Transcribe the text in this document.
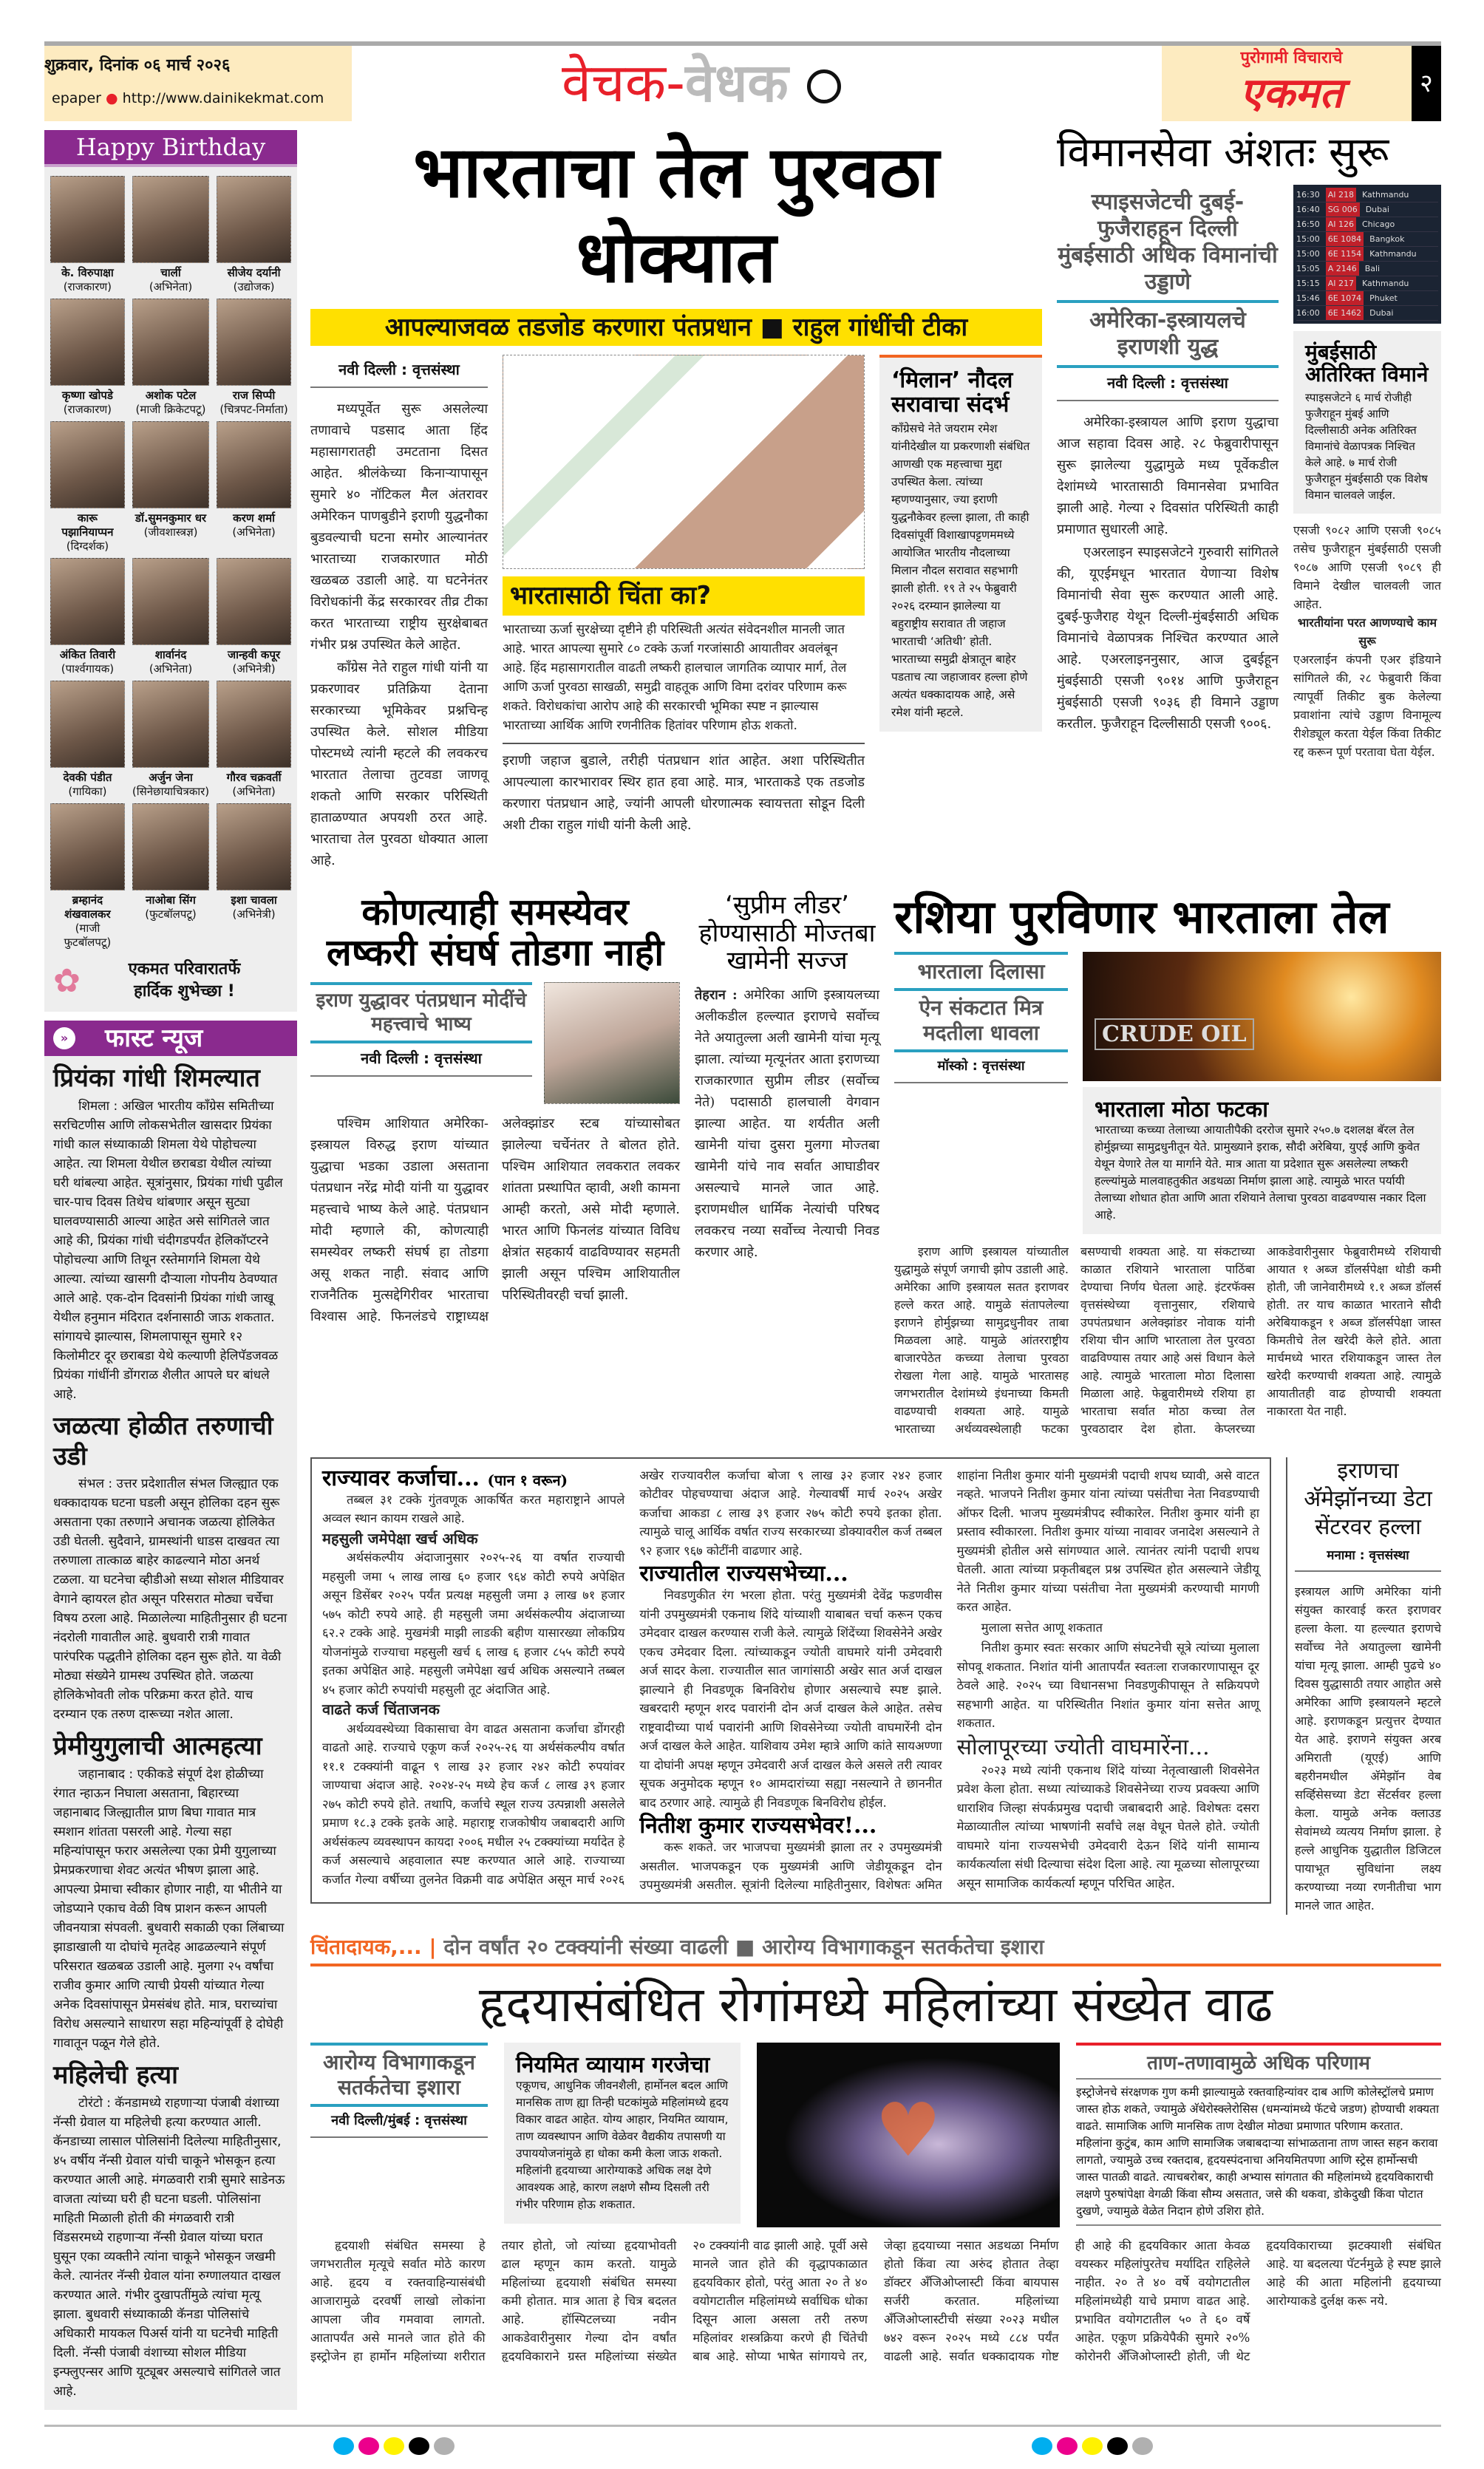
शुक्रवार, दिनांक ०६ मार्च २०२६
epaper ● http://www.dainikekmat.com	वेचक-वेधक	पुरोगामी विचाराचे
एकमत	२
Happy Birthday
के. विरुपाक्षा
(राजकारण)
चार्ली
(अभिनेता)
सीजेय दर्यानी
(उद्योजक)
कृष्णा खोपडे
(राजकारण)
अशोक पटेल
(माजी क्रिकेटपटू)
राज सिप्पी
(चित्रपट-निर्माता)
कारू पझानियाप्पन
(दिग्दर्शक)
डॉ.सुमनकुमार धर
(जीवशास्त्रज्ञ)
करण शर्मा
(अभिनेता)
अंकित तिवारी
(पार्श्वगायक)
शार्वानंद
(अभिनेता)
जान्हवी कपूर
(अभिनेत्री)
देवकी पंडीत
(गायिका)
अर्जुन जेना
(सिनेछायाचित्रकार)
गौरव चक्रवर्ती
(अभिनेता)
ब्रम्हानंद शंखवालकर
(माजी फुटबॉलपटू)
नाओबा सिंग
(फुटबॉलपटू)
इशा चावला
(अभिनेत्री)
✿	एकमत परिवारातर्फे
हार्दिक शुभेच्छा !
» फास्ट न्यूज
प्रियंका गांधी शिमल्यात

शिमला : अखिल भारतीय काँग्रेस समितीच्या सरचिटणीस आणि लोकसभेतील खासदार प्रियंका गांधी काल संध्याकाळी शिमला येथे पोहोचल्या आहेत. त्या शिमला येथील छराबडा येथील त्यांच्या घरी थांबल्या आहेत. सूत्रांनुसार, प्रियंका गांधी पुढील चार-पाच दिवस तिथेच थांबणार असून सुट्या घालवण्यासाठी आल्या आहेत असे सांगितले जात आहे की, प्रियंका गांधी चंदीगडपर्यंत हेलिकॉप्टरने पोहोचल्या आणि तिथून रस्तेमार्गाने शिमला येथे आल्या. त्यांच्या खासगी दौऱ्याला गोपनीय ठेवण्यात आले आहे. एक-दोन दिवसांनी प्रियंका गांधी जाखू येथील हनुमान मंदिरात दर्शनासाठी जाऊ शकतात. सांगायचे झाल्यास, शिमलापासून सुमारे १२ किलोमीटर दूर छराबडा येथे कल्याणी हेलिपॅडजवळ प्रियंका गांधींनी डोंगराळ शैलीत आपले घर बांधले आहे.

जळत्या होळीत तरुणाची उडी

संभल : उत्तर प्रदेशातील संभल जिल्ह्यात एक धक्कादायक घटना घडली असून होलिका दहन सुरू असताना एका तरुणाने अचानक जळत्या होलिकेत उडी घेतली. सुदैवाने, ग्रामस्थांनी धाडस दाखवत त्या तरुणाला तात्काळ बाहेर काढल्याने मोठा अनर्थ टळला. या घटनेचा व्हीडीओ सध्या सोशल मीडियावर वेगाने व्हायरल होत असून परिसरात मोठ्या चर्चेचा विषय ठरला आहे. मिळालेल्या माहितीनुसार ही घटना नंदरोली गावातील आहे. बुधवारी रात्री गावात पारंपरिक पद्धतीने होलिका दहन सुरू होते. या वेळी मोठ्या संख्येने ग्रामस्थ उपस्थित होते. जळत्या होलिकेभोवती लोक परिक्रमा करत होते. याच दरम्यान एक तरुण दारूच्या नशेत आला.

प्रेमीयुगुलाची आत्महत्या

जहानाबाद : एकीकडे संपूर्ण देश होळीच्या रंगात न्हाऊन निघाला असताना, बिहारच्या जहानाबाद जिल्ह्यातील प्राण बिघा गावात मात्र स्मशान शांतता पसरली आहे. गेल्या सहा महिन्यांपासून फरार असलेल्या एका प्रेमी युगुलाच्या प्रेमप्रकरणाचा शेवट अत्यंत भीषण झाला आहे. आपल्या प्रेमाचा स्वीकार होणार नाही, या भीतीने या जोडप्याने एकाच वेळी विष प्राशन करून आपली जीवनयात्रा संपवली. बुधवारी सकाळी एका लिंबाच्या झाडाखाली या दोघांचे मृतदेह आढळल्याने संपूर्ण परिसरात खळबळ उडाली आहे. मुलगा २५ वर्षांचा राजीव कुमार आणि त्याची प्रेयसी यांच्यात गेल्या अनेक दिवसांपासून प्रेमसंबंध होते. मात्र, घराच्यांचा विरोध असल्याने साधारण सहा महिन्यांपूर्वी हे दोघेही गावातून पळून गेले होते.

महिलेची हत्या

टोरंटो : कॅनडामध्ये राहणाऱ्या पंजाबी वंशाच्या नॅन्सी ग्रेवाल या महिलेची हत्या करण्यात आली. कॅनडाच्या लासाल पोलिसांनी दिलेल्या माहितीनुसार, ४५ वर्षीय नॅन्सी ग्रेवाल यांची चाकूने भोसकून हत्या करण्यात आली आहे. मंगळवारी रात्री सुमारे साडेनऊ वाजता त्यांच्या घरी ही घटना घडली. पोलिसांना माहिती मिळाली होती की मंगळवारी रात्री विंडसरमध्ये राहणाऱ्या नॅन्सी ग्रेवाल यांच्या घरात घुसून एका व्यक्तीने त्यांना चाकूने भोसकून जखमी केले. त्यानंतर नॅन्सी ग्रेवाल यांना रुग्णालयात दाखल करण्यात आले. गंभीर दुखापतींमुळे त्यांचा मृत्यू झाला. बुधवारी संध्याकाळी कॅनडा पोलिसांचे अधिकारी मायकल पिअर्स यांनी या घटनेची माहिती दिली. नॅन्सी पंजाबी वंशाच्या सोशल मीडिया इन्फ्लुएन्सर आणि यूट्यूबर असल्याचे सांगितले जात आहे.

भारताचा तेल पुरवठा धोक्यात
आपल्याजवळ तडजोड करणारा पंतप्रधान ■ राहुल गांधींची टीका
नवी दिल्ली : वृत्तसंस्था

मध्यपूर्वेत सुरू असलेल्या तणावाचे पडसाद आता हिंद महासागरातही उमटताना दिसत आहेत. श्रीलंकेच्या किनाऱ्यापासून सुमारे ४० नॉटिकल मैल अंतरावर अमेरिकन पाणबुडीने इराणी युद्धनौका बुडवल्याची घटना समोर आल्यानंतर भारताच्या राजकारणात मोठी खळबळ उडाली आहे. या घटनेनंतर विरोधकांनी केंद्र सरकारवर तीव्र टीका करत भारताच्या राष्ट्रीय सुरक्षेबाबत गंभीर प्रश्न उपस्थित केले आहेत.

काँग्रेस नेते राहुल गांधी यांनी या प्रकरणावर प्रतिक्रिया देताना सरकारच्या भूमिकेवर प्रश्नचिन्ह उपस्थित केले. सोशल मीडिया पोस्टमध्ये त्यांनी म्हटले की लवकरच भारतात तेलाचा तुटवडा जाणवू शकतो आणि सरकार परिस्थिती हाताळण्यात अपयशी ठरत आहे. भारताचा तेल पुरवठा धोक्यात आला आहे.

भारतासाठी चिंता का?
भारताच्या ऊर्जा सुरक्षेच्या दृष्टीने ही परिस्थिती अत्यंत संवेदनशील मानली जात आहे. भारत आपल्या सुमारे ८० टक्के ऊर्जा गरजांसाठी आयातीवर अवलंबून आहे. हिंद महासागरातील वाढती लष्करी हालचाल जागतिक व्यापार मार्ग, तेल आणि ऊर्जा पुरवठा साखळी, समुद्री वाहतूक आणि विमा दरांवर परिणाम करू शकते. विरोधकांचा आरोप आहे की सरकारची भूमिका स्पष्ट न झाल्यास भारताच्या आर्थिक आणि रणनीतिक हितांवर परिणाम होऊ शकतो.
इराणी जहाज बुडाले, तरीही पंतप्रधान शांत आहेत. अशा परिस्थितीत आपल्याला कारभारावर स्थिर हात हवा आहे. मात्र, भारताकडे एक तडजोड करणारा पंतप्रधान आहे, ज्यांनी आपली धोरणात्मक स्वायत्तता सोडून दिली अशी टीका राहुल गांधी यांनी केली आहे.
‘मिलान’ नौदल सरावाचा संदर्भ
काँग्रेसचे नेते जयराम रमेश यांनीदेखील या प्रकरणाशी संबंधित आणखी एक महत्त्वाचा मुद्दा उपस्थित केला. त्यांच्या म्हणण्यानुसार, ज्या इराणी युद्धनौकेवर हल्ला झाला, ती काही दिवसांपूर्वी विशाखापट्टणममध्ये आयोजित भारतीय नौदलाच्या मिलान नौदल सरावात सहभागी झाली होती. १९ ते २५ फेब्रुवारी २०२६ दरम्यान झालेल्या या बहुराष्ट्रीय सरावात ती जहाज भारताची ‘अतिथी’ होती. भारताच्या समुद्री क्षेत्रातून बाहेर पडताच त्या जहाजावर हल्ला होणे अत्यंत धक्कादायक आहे, असे रमेश यांनी म्हटले.
विमानसेवा अंशतः सुरू
स्पाइसजेटची दुबई-फुजैराहहून दिल्ली मुंबईसाठी अधिक विमानांची उड्डाणे
अमेरिका-इस्त्रायलचे इराणशी युद्ध
नवी दिल्ली : वृत्तसंस्था

अमेरिका-इस्त्रायल आणि इराण युद्धाचा आज सहावा दिवस आहे. २८ फेब्रुवारीपासून सुरू झालेल्या युद्धामुळे मध्य पूर्वेकडील देशांमध्ये भारतासाठी विमानसेवा प्रभावित झाली आहे. गेल्या २ दिवसांत परिस्थिती काही प्रमाणात सुधारली आहे.

एअरलाइन स्पाइसजेटने गुरुवारी सांगितले की, यूएईमधून भारतात येणाऱ्या विशेष विमानांची सेवा सुरू करण्यात आली आहे. दुबई-फुजैराह येथून दिल्ली-मुंबईसाठी अधिक विमानांचे वेळापत्रक निश्चित करण्यात आले आहे. एअरलाइननुसार, आज दुबईहून मुंबईसाठी एसजी ९०१४ आणि फुजैराहून मुंबईसाठी एसजी ९०३६ ही विमाने उड्डाण करतील. फुजैराहून दिल्लीसाठी एसजी ९००६.

16:30 AI 218 Kathmandu
16:40 SG 006 Dubai
16:50 AI 126 Chicago
15:00 6E 1084 Bangkok
15:00 6E 1154 Kathmandu
15:05 A 2146 Bali
15:15 AI 217 Kathmandu
15:46 6E 1074 Phuket
16:00 6E 1462 Dubai
मुंबईसाठी अतिरिक्त विमाने
स्पाइसजेटने ६ मार्च रोजीही फुजैराहून मुंबई आणि दिल्लीसाठी अनेक अतिरिक्त विमानांचे वेळापत्रक निश्चित केले आहे. ७ मार्च रोजी फुजैराहून मुंबईसाठी एक विशेष विमान चालवले जाईल.
एसजी ९०८२ आणि एसजी ९०८५ तसेच फुजैराहून मुंबईसाठी एसजी ९०८७ आणि एसजी ९०८९ ही विमाने देखील चालवली जात आहेत.
भारतीयांना परत आणण्याचे काम सुरू
एअरलाईन कंपनी एअर इंडियाने सांगितले की, २८ फेब्रुवारी किंवा त्यापूर्वी तिकीट बुक केलेल्या प्रवाशांना त्यांचे उड्डाण विनामूल्य रीशेड्यूल करता येईल किंवा तिकीट रद्द करून पूर्ण परतावा घेता येईल.
कोणत्याही समस्येवर लष्करी संघर्ष तोडगा नाही
इराण युद्धावर पंतप्रधान मोदींचे महत्त्वाचे भाष्य
नवी दिल्ली : वृत्तसंस्था
पश्चिम आशियात अमेरिका-इस्त्रायल विरुद्ध इराण यांच्यात युद्धाचा भडका उडाला असताना पंतप्रधान नरेंद्र मोदी यांनी या युद्धावर महत्त्वाचे भाष्य केले आहे. पंतप्रधान मोदी म्हणाले की, कोणत्याही समस्येवर लष्करी संघर्ष हा तोडगा असू शकत नाही. संवाद आणि राजनैतिक मुत्सद्देगिरीवर भारताचा विश्वास आहे. फिनलंडचे राष्ट्राध्यक्ष अलेक्झांडर स्टब यांच्यासोबत झालेल्या चर्चेनंतर ते बोलत होते. पश्चिम आशियात लवकरात लवकर शांतता प्रस्थापित व्हावी, अशी कामना आम्ही करतो, असे मोदी म्हणाले. भारत आणि फिनलंड यांच्यात विविध क्षेत्रांत सहकार्य वाढविण्यावर सहमती झाली असून पश्चिम आशियातील परिस्थितीवरही चर्चा झाली.
‘सुप्रीम लीडर’ होण्यासाठी मोज्तबा खामेनी सज्ज
तेहरान : अमेरिका आणि इस्त्रायलच्या अलीकडील हल्ल्यात इराणचे सर्वोच्च नेते अयातुल्ला अली खामेनी यांचा मृत्यू झाला. त्यांच्या मृत्यूनंतर आता इराणच्या राजकारणात सुप्रीम लीडर (सर्वोच्च नेते) पदासाठी हालचाली वेगवान झाल्या आहेत. या शर्यतीत अली खामेनी यांचा दुसरा मुलगा मोज्तबा खामेनी यांचे नाव सर्वात आघाडीवर असल्याचे मानले जात आहे. इराणमधील धार्मिक नेत्यांची परिषद लवकरच नव्या सर्वोच्च नेत्याची निवड करणार आहे.
रशिया पुरविणार भारताला तेल
भारताला दिलासा
ऐन संकटात मित्र मदतीला धावला
मॉस्को : वृत्तसंस्था
CRUDE OIL
भारताला मोठा फटका
भारताच्या कच्च्या तेलाच्या आयातीपैकी दररोज सुमारे २५०.७ दशलक्ष बॅरल तेल होर्मुझच्या सामुद्रधुनीतून येते. प्रामुख्याने इराक, सौदी अरेबिया, युएई आणि कुवेत येथून येणारे तेल या मार्गाने येते. मात्र आता या प्रदेशात सुरू असलेल्या लष्करी हल्ल्यांमुळे मालवाहतुकीत अडथळा निर्माण झाला आहे. त्यामुळे भारत पर्यायी तेलाच्या शोधात होता आणि आता रशियाने तेलाचा पुरवठा वाढवण्यास नकार दिला आहे.
इराण आणि इस्त्रायल यांच्यातील युद्धामुळे संपूर्ण जगाची झोप उडाली आहे. अमेरिका आणि इस्त्रायल सतत इराणवर हल्ले करत आहे. यामुळे संतापलेल्या इराणने होर्मुझच्या सामुद्रधुनीवर ताबा मिळवला आहे. यामुळे आंतरराष्ट्रीय बाजारपेठेत कच्च्या तेलाचा पुरवठा रोखला गेला आहे. यामुळे भारतासह जगभरातील देशांमध्ये इंधनाच्या किमती वाढण्याची शक्यता आहे. यामुळे भारताच्या अर्थव्यवस्थेलाही फटका बसण्याची शक्यता आहे. या संकटाच्या काळात रशियाने भारताला पाठिंबा देण्याचा निर्णय घेतला आहे. इंटरफॅक्स वृत्तसंस्थेच्या वृत्तानुसार, रशियाचे उपपंतप्रधान अलेक्झांडर नोवाक यांनी रशिया चीन आणि भारताला तेल पुरवठा वाढविण्यास तयार आहे असं विधान केले आहे. त्यामुळे भारताला मोठा दिलासा मिळाला आहे. फेब्रुवारीमध्ये रशिया हा भारताचा सर्वात मोठा कच्चा तेल पुरवठादार देश होता. केप्लरच्या आकडेवारीनुसार फेब्रुवारीमध्ये रशियाची आयात १ अब्ज डॉलर्सपेक्षा थोडी कमी होती, जी जानेवारीमध्ये १.१ अब्ज डॉलर्स होती. तर याच काळात भारताने सौदी अरेबियाकडून १ अब्ज डॉलर्सपेक्षा जास्त किमतीचे तेल खरेदी केले होते. आता मार्चमध्ये भारत रशियाकडून जास्त तेल खरेदी करण्याची शक्यता आहे. त्यामुळे आयातीतही वाढ होण्याची शक्यता नाकारता येत नाही.
राज्यावर कर्जाचा... (पान १ वरून)

तब्बल ३१ टक्के गुंतवणूक आकर्षित करत महाराष्ट्राने आपले अव्वल स्थान कायम राखले आहे.

महसुली जमेपेक्षा खर्च अधिक

अर्थसंकल्पीय अंदाजानुसार २०२५-२६ या वर्षात राज्याची महसुली जमा ५ लाख लाख ६० हजार ९६४ कोटी रुपये अपेक्षित असून डिसेंबर २०२५ पर्यंत प्रत्यक्ष महसुली जमा ३ लाख ७१ हजार ५७५ कोटी रुपये आहे. ही महसुली जमा अर्थसंकल्पीय अंदाजाच्या ६२.२ टक्के आहे. मुखमंत्री माझी लाडकी बहीण यासारख्या लोकप्रिय योजनांमुळे राज्याचा महसुली खर्च ६ लाख ६ हजार ८५५ कोटी रुपये इतका अपेक्षित आहे. महसुली जमेपेक्षा खर्च अधिक असल्याने तब्बल ४५ हजार कोटी रुपयांची महसुली तूट अंदाजित आहे.

वाढते कर्ज चिंताजनक

अर्थव्यवस्थेच्या विकासाचा वेग वाढत असताना कर्जाचा डोंगरही वाढतो आहे. राज्याचे एकूण कर्ज २०२५-२६ या अर्थसंकल्पीय वर्षात ११.१ टक्क्यांनी वाढून ९ लाख ३२ हजार २४२ कोटी रुपयांवर जाण्याचा अंदाज आहे. २०२४-२५ मध्ये हेच कर्ज ८ लाख ३९ हजार २७५ कोटी रुपये होते. तथापि, कर्जाचे स्थूल राज्य उत्पन्नाशी असलेले प्रमाण १८.३ टक्के इतके आहे. महाराष्ट्र राजकोषीय जबाबदारी आणि अर्थसंकल्प व्यवस्थापन कायदा २००६ मधील २५ टक्क्यांच्या मर्यादेत हे कर्ज असल्याचे अहवालात स्पष्ट करण्यात आले आहे. राज्याच्या कर्जात गेल्या वर्षीच्या तुलनेत विक्रमी वाढ अपेक्षित असून मार्च २०२६ अखेर राज्यावरील कर्जाचा बोजा ९ लाख ३२ हजार २४२ हजार कोटीवर पोहचण्याचा अंदाज आहे. गेल्यावर्षी मार्च २०२५ अखेर कर्जाचा आकडा ८ लाख ३९ हजार २७५ कोटी रुपये इतका होता. त्यामुळे चालू आर्थिक वर्षात राज्य सरकारच्या डोक्यावरील कर्ज तब्बल ९२ हजार ९६७ कोटींनी वाढणार आहे.

राज्यातील राज्यसभेच्या...

निवडणुकीत रंग भरला होता. परंतु मुख्यमंत्री देवेंद्र फडणवीस यांनी उपमुख्यमंत्री एकनाथ शिंदे यांच्याशी याबाबत चर्चा करून एकच उमेदवार दाखल करण्यास राजी केले. त्यामुळे शिंदेंच्या शिवसेनेने अखेर एकच उमेदवार दिला. त्यांच्याकडून ज्योती वाघमारे यांनी उमेदवारी अर्ज सादर केला. राज्यातील सात जागांसाठी अखेर सात अर्ज दाखल झाल्याने ही निवडणूक बिनविरोध होणार असल्याचे स्पष्ट झाले. खबरदारी म्हणून शरद पवारांनी दोन अर्ज दाखल केले आहेत. तसेच राष्ट्रवादीच्या पार्थ पवारांनी आणि शिवसेनेच्या ज्योती वाघमारेंनी दोन अर्ज दाखल केले आहेत. याशिवाय उमेश म्हात्रे आणि कांते सायअण्णा या दोघांनी अपक्ष म्हणून उमेदवारी अर्ज दाखल केले असले तरी त्यावर सूचक अनुमोदक म्हणून १० आमदारांच्या सह्या नसल्याने ते छाननीत बाद ठरणार आहे. त्यामुळे ही निवडणूक बिनविरोध होईल.

नितीश कुमार राज्यसभेवर!...

करू शकते. जर भाजपचा मुख्यमंत्री झाला तर २ उपमुख्यमंत्री असतील. भाजपकडून एक मुख्यमंत्री आणि जेडीयूकडून दोन उपमुख्यमंत्री असतील. सूत्रांनी दिलेल्या माहितीनुसार, विशेषतः अमित शाहांना नितीश कुमार यांनी मुख्यमंत्री पदाची शपथ घ्यावी, असे वाटत नव्हते. भाजपने नितीश कुमार यांना त्यांच्या पसंतीचा नेता निवडण्याची ऑफर दिली. भाजप मुख्यमंत्रीपद स्वीकारेल. नितीश कुमार यांनी हा प्रस्ताव स्वीकारला. नितीश कुमार यांच्या नावावर जनादेश असल्याने ते मुख्यमंत्री होतील असे सांगण्यात आले. त्यानंतर त्यांनी पदाची शपथ घेतली. आता त्यांच्या प्रकृतीबद्दल प्रश्न उपस्थित होत असल्याने जेडीयू नेते नितीश कुमार यांच्या पसंतीचा नेता मुख्यमंत्री करण्याची मागणी करत आहेत.

मुलाला सत्तेत आणू शकतात

नितीश कुमार स्वतः सरकार आणि संघटनेची सूत्रे त्यांच्या मुलाला सोपवू शकतात. निशांत यांनी आतापर्यंत स्वतःला राजकारणापासून दूर ठेवले आहे. २०२५ च्या विधानसभा निवडणुकीपासून ते सक्रियपणे सहभागी आहेत. या परिस्थितीत निशांत कुमार यांना सत्तेत आणू शकतात.

सोलापूरच्या ज्योती वाघमारेंना...

२०२३ मध्ये त्यांनी एकनाथ शिंदे यांच्या नेतृत्वाखाली शिवसेनेत प्रवेश केला होता. सध्या त्यांच्याकडे शिवसेनेच्या राज्य प्रवक्त्या आणि धाराशिव जिल्हा संपर्कप्रमुख पदाची जबाबदारी आहे. विशेषतः दसरा मेळाव्यातील त्यांच्या भाषणांनी सर्वांचे लक्ष वेधून घेतले होते. ज्योती वाघमारे यांना राज्यसभेची उमेदवारी देऊन शिंदे यांनी सामान्य कार्यकर्त्याला संधी दिल्याचा संदेश दिला आहे. त्या मूळच्या सोलापूरच्या असून सामाजिक कार्यकर्त्या म्हणून परिचित आहेत.

इराणचा अ‍ॅमेझॉनच्या डेटा सेंटरवर हल्ला
मनामा : वृत्तसंस्था
इस्त्रायल आणि अमेरिका यांनी संयुक्त कारवाई करत इराणवर हल्ला केला. या हल्ल्यात इराणचे सर्वोच्च नेते अयातुल्ला खामेनी यांचा मृत्यू झाला. आम्ही पुढचे ४० दिवस युद्धासाठी तयार आहोत असे अमेरिका आणि इस्त्रायलने म्हटले आहे. इराणकडून प्रत्युत्तर देण्यात येत आहे. इराणने संयुक्त अरब अमिराती (यूएई) आणि बहरीनमधील अ‍ॅमेझॉन वेब सर्व्हिसेसच्या डेटा सेंटर्सवर हल्ला केला. यामुळे अनेक क्लाउड सेवांमध्ये व्यत्यय निर्माण झाला. हे हल्ले आधुनिक युद्धातील डिजिटल पायाभूत सुविधांना लक्ष्य करण्याच्या नव्या रणनीतीचा भाग मानले जात आहेत.
चिंतादायक,... | दोन वर्षांत २० टक्क्यांनी संख्या वाढली ■ आरोग्य विभागाकडून सतर्कतेचा इशारा
हृदयासंबंधित रोगांमध्ये महिलांच्या संख्येत वाढ
आरोग्य विभागाकडून सतर्कतेचा इशारा
नवी दिल्ली/मुंबई : वृत्तसंस्था
नियमित व्यायाम गरजेचा
एकूणच, आधुनिक जीवनशैली, हार्मोनल बदल आणि मानसिक ताण ह्या तिन्ही घटकांमुळे महिलांमध्ये हृदय विकार वाढत आहेत. योग्य आहार, नियमित व्यायाम, ताण व्यवस्थापन आणि वेळेवर वैद्यकीय तपासणी या उपाययोजनांमुळे हा धोका कमी केला जाऊ शकतो. महिलांनी हृदयाच्या आरोग्याकडे अधिक लक्ष देणे आवश्यक आहे, कारण लक्षणे सौम्य दिसली तरी गंभीर परिणाम होऊ शकतात.
♥
ताण-तणावामुळे अधिक परिणाम
इस्ट्रोजेनचे संरक्षणक गुण कमी झाल्यामुळे रक्तवाहिन्यांवर दाब आणि कोलेस्ट्रॉलचे प्रमाण जास्त होऊ शकते, ज्यामुळे अ‍ॅथेरोस्क्लेरोसिस (धमन्यांमध्ये फॅटचे जडण) होण्याची शक्यता वाढते. सामाजिक आणि मानसिक ताण देखील मोठ्या प्रमाणात परिणाम करतात. महिलांना कुटुंब, काम आणि सामाजिक जबाबदाऱ्या सांभाळताना ताण जास्त सहन करावा लागतो, ज्यामुळे उच्च रक्तदाब, हृदयस्पंदनाचा अनियमितपणा आणि स्ट्रेस हार्मोन्सची जास्त पातळी वाढते. त्याचबरोबर, काही अभ्यास सांगतात की महिलांमध्ये हृदयविकाराची लक्षणे पुरुषांपेक्षा वेगळी किंवा सौम्य असतात, जसे की थकवा, डोकेदुखी किंवा पोटात दुखणे, ज्यामुळे वेळेत निदान होणे उशिरा होते.
हृदयाशी संबंधित समस्या हे जगभरातील मृत्यूचे सर्वात मोठे कारण आहे. हृदय व रक्तवाहिन्यासंबंधी आजारामुळे दरवर्षी लाखो लोकांना आपला जीव गमवावा लागतो. आतापर्यंत असे मानले जात होते की इस्ट्रोजेन हा हार्मोन महिलांच्या शरीरात तयार होतो, जो त्यांच्या हृदयाभोवती ढाल म्हणून काम करतो. यामुळे महिलांच्या हृदयाशी संबंधित समस्या कमी होतात. मात्र आता हे चित्र बदलत आहे. हॉस्पिटलच्या नवीन आकडेवारीनुसार गेल्या दोन वर्षांत हृदयविकाराने ग्रस्त महिलांच्या संख्येत २० टक्क्यांनी वाढ झाली आहे. पूर्वी असे मानले जात होते की वृद्धापकाळात हृदयविकार होतो, परंतु आता २० ते ४० वयोगटातील महिलांमध्ये सर्वाधिक धोका दिसून आला असला तरी तरुण महिलांवर शस्त्रक्रिया करणे ही चिंतेची बाब आहे. सोप्या भाषेत सांगायचे तर, जेव्हा हृदयाच्या नसात अडथळा निर्माण होतो किंवा त्या अरुंद होतात तेव्हा डॉक्टर अँजिओप्लास्टी किंवा बायपास सर्जरी करतात. महिलांच्या अँजिओप्लास्टीची संख्या २०२३ मधील ७४२ वरून २०२५ मध्ये ८८४ पर्यंत वाढली आहे. सर्वात धक्कादायक गोष्ट ही आहे की हृदयविकार आता केवळ वयस्कर महिलांपुरतेच मर्यादित राहिलेले नाहीत. २० ते ४० वर्षे वयोगटातील महिलांमध्येही याचे प्रमाण वाढत आहे. प्रभावित वयोगटातील ५० ते ६० वर्षे आहेत. एकूण प्रक्रियेपैकी सुमारे २०% कोरोनरी अँजिओप्लास्टी होती, जी थेट हृदयविकाराच्या झटक्याशी संबंधित आहे. या बदलत्या पॅटर्नमुळे हे स्पष्ट झाले आहे की आता महिलांनी हृदयाच्या आरोग्याकडे दुर्लक्ष करू नये.
